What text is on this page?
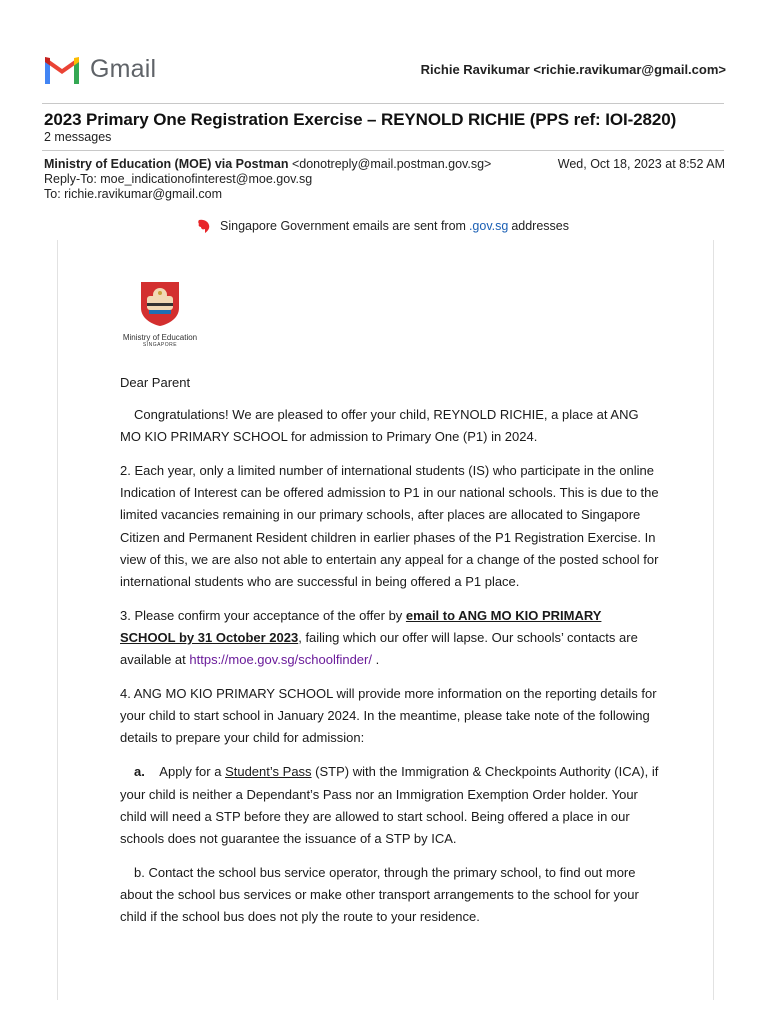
Gmail	Richie Ravikumar <richie.ravikumar@gmail.com>
2023 Primary One Registration Exercise – REYNOLD RICHIE (PPS ref: IOI-2820)
2 messages
Ministry of Education (MOE) via Postman <donotreply@mail.postman.gov.sg>
Reply-To: moe_indicationofinterest@moe.gov.sg
To: richie.ravikumar@gmail.com
Wed, Oct 18, 2023 at 8:52 AM
Singapore Government emails are sent from .gov.sg addresses
Ministry of Education
SINGAPORE

Dear Parent

Congratulations! We are pleased to offer your child, REYNOLD RICHIE, a place at ANG MO KIO PRIMARY SCHOOL for admission to Primary One (P1) in 2024.

2. Each year, only a limited number of international students (IS) who participate in the online Indication of Interest can be offered admission to P1 in our national schools. This is due to the limited vacancies remaining in our primary schools, after places are allocated to Singapore Citizen and Permanent Resident children in earlier phases of the P1 Registration Exercise. In view of this, we are also not able to entertain any appeal for a change of the posted school for international students who are successful in being offered a P1 place.

3. Please confirm your acceptance of the offer by email to ANG MO KIO PRIMARY SCHOOL by 31 October 2023, failing which our offer will lapse. Our schools’ contacts are available at https://moe.gov.sg/schoolfinder/ .

4. ANG MO KIO PRIMARY SCHOOL will provide more information on the reporting details for your child to start school in January 2024. In the meantime, please take note of the following details to prepare your child for admission:

a. Apply for a Student’s Pass (STP) with the Immigration & Checkpoints Authority (ICA), if your child is neither a Dependant’s Pass nor an Immigration Exemption Order holder. Your child will need a STP before they are allowed to start school. Being offered a place in our schools does not guarantee the issuance of a STP by ICA.

b. Contact the school bus service operator, through the primary school, to find out more about the school bus services or make other transport arrangements to the school for your child if the school bus does not ply the route to your residence.
